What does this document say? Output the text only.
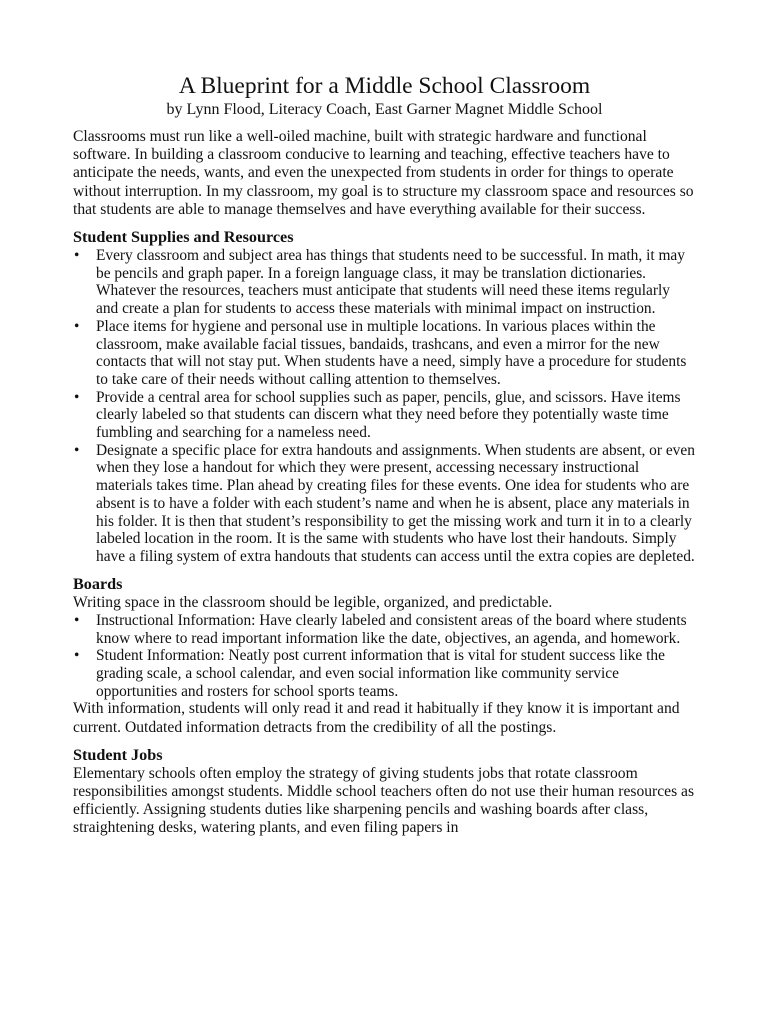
A Blueprint for a Middle School Classroom

by Lynn Flood, Literacy Coach, East Garner Magnet Middle School

Classrooms must run like a well-oiled machine, built with strategic hardware and functional software. In building a classroom conducive to learning and teaching, effective teachers have to anticipate the needs, wants, and even the unexpected from students in order for things to operate without interruption. In my classroom, my goal is to structure my classroom space and resources so that students are able to manage themselves and have everything available for their success.

Student Supplies and Resources
• Every classroom and subject area has things that students need to be successful. In math, it may be pencils and graph paper. In a foreign language class, it may be translation dictionaries. Whatever the resources, teachers must anticipate that students will need these items regularly and create a plan for students to access these materials with minimal impact on instruction.
• Place items for hygiene and personal use in multiple locations. In various places within the classroom, make available facial tissues, bandaids, trashcans, and even a mirror for the new contacts that will not stay put. When students have a need, simply have a procedure for students to take care of their needs without calling attention to themselves.
• Provide a central area for school supplies such as paper, pencils, glue, and scissors. Have items clearly labeled so that students can discern what they need before they potentially waste time fumbling and searching for a nameless need.
• Designate a specific place for extra handouts and assignments. When students are absent, or even when they lose a handout for which they were present, accessing necessary instructional materials takes time. Plan ahead by creating files for these events. One idea for students who are absent is to have a folder with each student’s name and when he is absent, place any materials in his folder. It is then that student’s responsibility to get the missing work and turn it in to a clearly labeled location in the room. It is the same with students who have lost their handouts. Simply have a filing system of extra handouts that students can access until the extra copies are depleted.
Boards

Writing space in the classroom should be legible, organized, and predictable.

• Instructional Information: Have clearly labeled and consistent areas of the board where students know where to read important information like the date, objectives, an agenda, and homework.
• Student Information: Neatly post current information that is vital for student success like the grading scale, a school calendar, and even social information like community service opportunities and rosters for school sports teams.

With information, students will only read it and read it habitually if they know it is important and current. Outdated information detracts from the credibility of all the postings.

Student Jobs

Elementary schools often employ the strategy of giving students jobs that rotate classroom responsibilities amongst students. Middle school teachers often do not use their human resources as efficiently. Assigning students duties like sharpening pencils and washing boards after class, straightening desks, watering plants, and even filing papers in
